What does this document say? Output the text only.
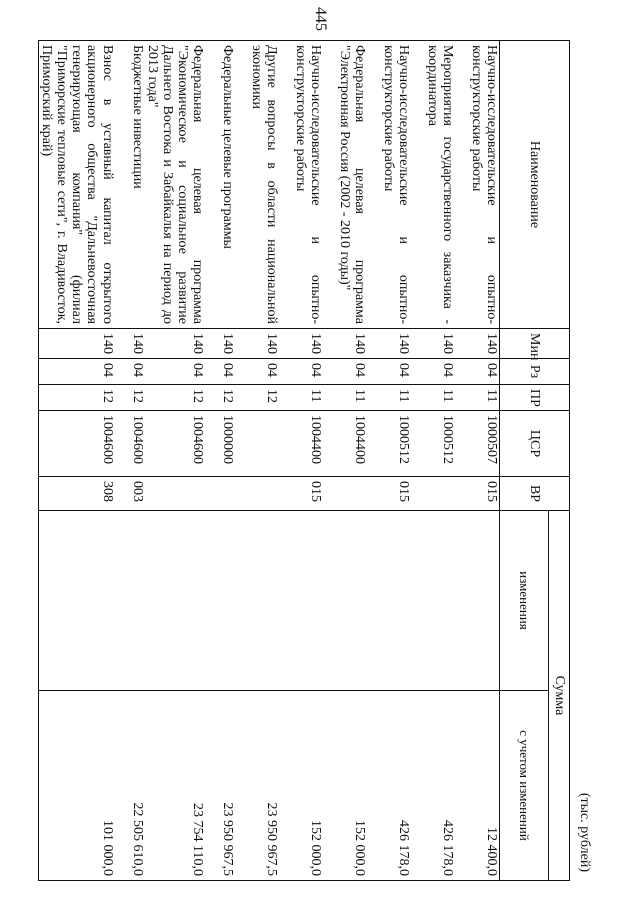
445
(тыс. рублей)
Наименование	Мин	Рз	ПР	ЦСР	ВР	Сумма	
						изменения	с учетом изменений
Научно-исследовательские и опытно-конструкторские работы	140	04	11	1000507	015		12 400,0
Мероприятия государственного заказчика - координатора	140	04	11	1000512			426 178,0
Научно-исследовательские и опытно-конструкторские работы	140	04	11	1000512	015		426 178,0
Федеральная целевая программа "Электронная Россия (2002 - 2010 годы)"	140	04	11	1004400			152 000,0
Научно-исследовательские и опытно-конструкторские работы	140	04	11	1004400	015		152 000,0
Другие вопросы в области национальной экономики	140	04	12				23 950 967,5
Федеральные целевые программы	140	04	12	1000000			23 950 967,5
Федеральная целевая программа "Экономическое и социальное развитие Дальнего Востока и Забайкалья на период до 2013 года"	140	04	12	1004600			23 754 110,0
Бюджетные инвестиции	140	04	12	1004600	003		22 505 610,0
Взнос в уставный капитал открытого акционерного общества "Дальневосточная генерирующая компания" (филиал "Приморские тепловые сети", г. Владивосток, Приморский край)	140	04	12	1004600	308		101 000,0
